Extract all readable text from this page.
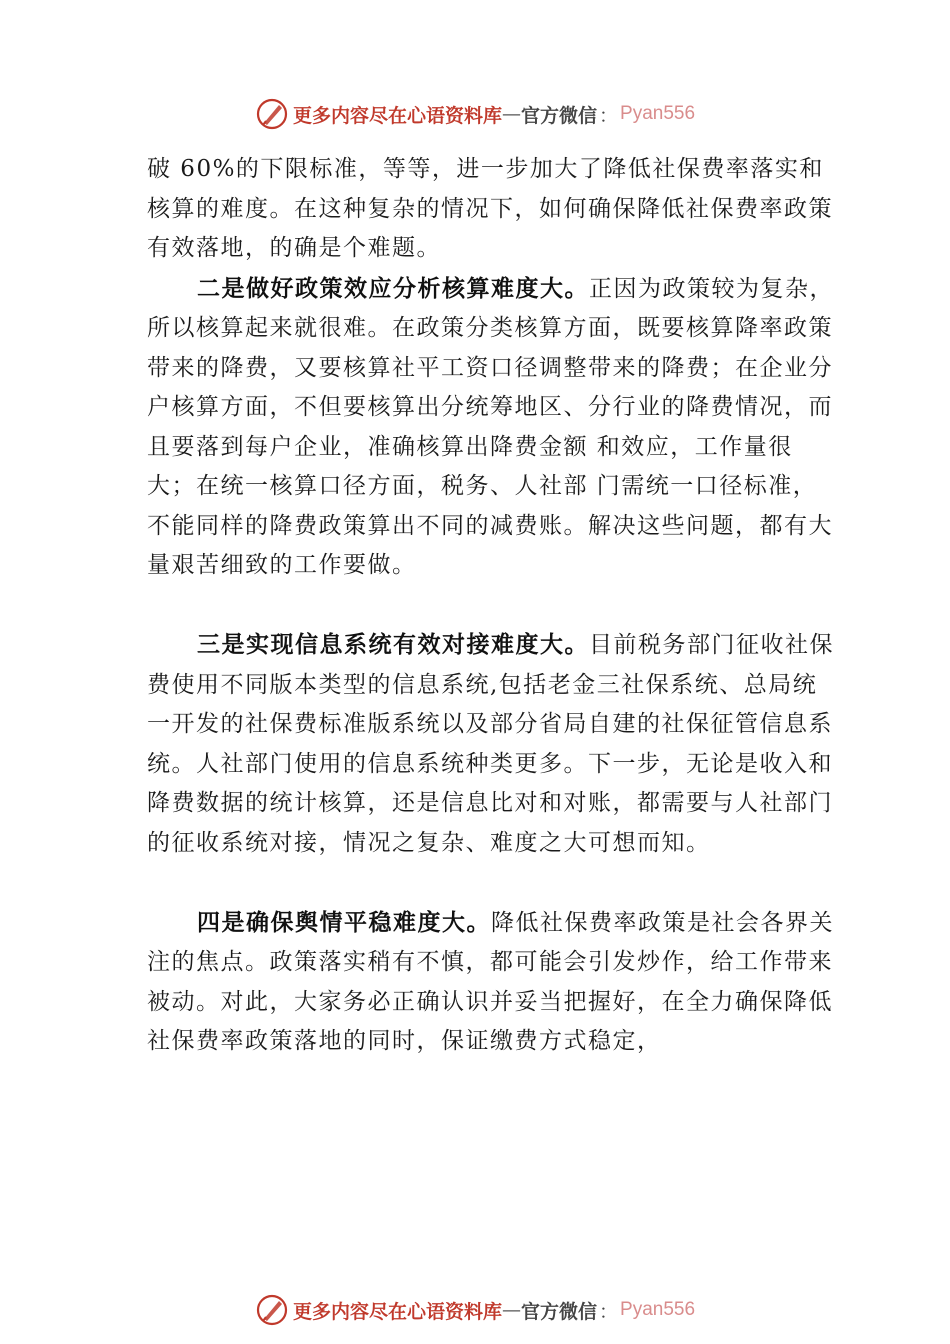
更多内容尽在心语资料库 — 官方微信 ： Pyan556

破 60%的下限标准，等等，进一步加大了降低社保费率落实和核算的难度。在这种复杂的情况下，如何确保降低社保费率政策有效落地，的确是个难题。

二是做好政策效应分析核算难度大。正因为政策较为复杂，所以核算起来就很难。在政策分类核算方面，既要核算降率政策带来的降费，又要核算社平工资口径调整带来的降费；在企业分户核算方面，不但要核算出分统筹地区、分行业的降费情况，而且要落到每户企业，准确核算出降费金额 和效应，工作量很大；在统一核算口径方面，税务、人社部 门需统一口径标准，不能同样的降费政策算出不同的减费账。解决这些问题，都有大量艰苦细致的工作要做。

三是实现信息系统有效对接难度大。目前税务部门征收社保费使用不同版本类型的信息系统,包括老金三社保系统、总局统一开发的社保费标准版系统以及部分省局自建的社保征管信息系统。人社部门使用的信息系统种类更多。下一步，无论是收入和降费数据的统计核算，还是信息比对和对账，都需要与人社部门的征收系统对接，情况之复杂、难度之大可想而知。

四是确保舆情平稳难度大。降低社保费率政策是社会各界关注的焦点。政策落实稍有不慎，都可能会引发炒作，给工作带来被动。对此，大家务必正确认识并妥当把握好，在全力确保降低社保费率政策落地的同时，保证缴费方式稳定，

更多内容尽在心语资料库 — 官方微信 ： Pyan556
